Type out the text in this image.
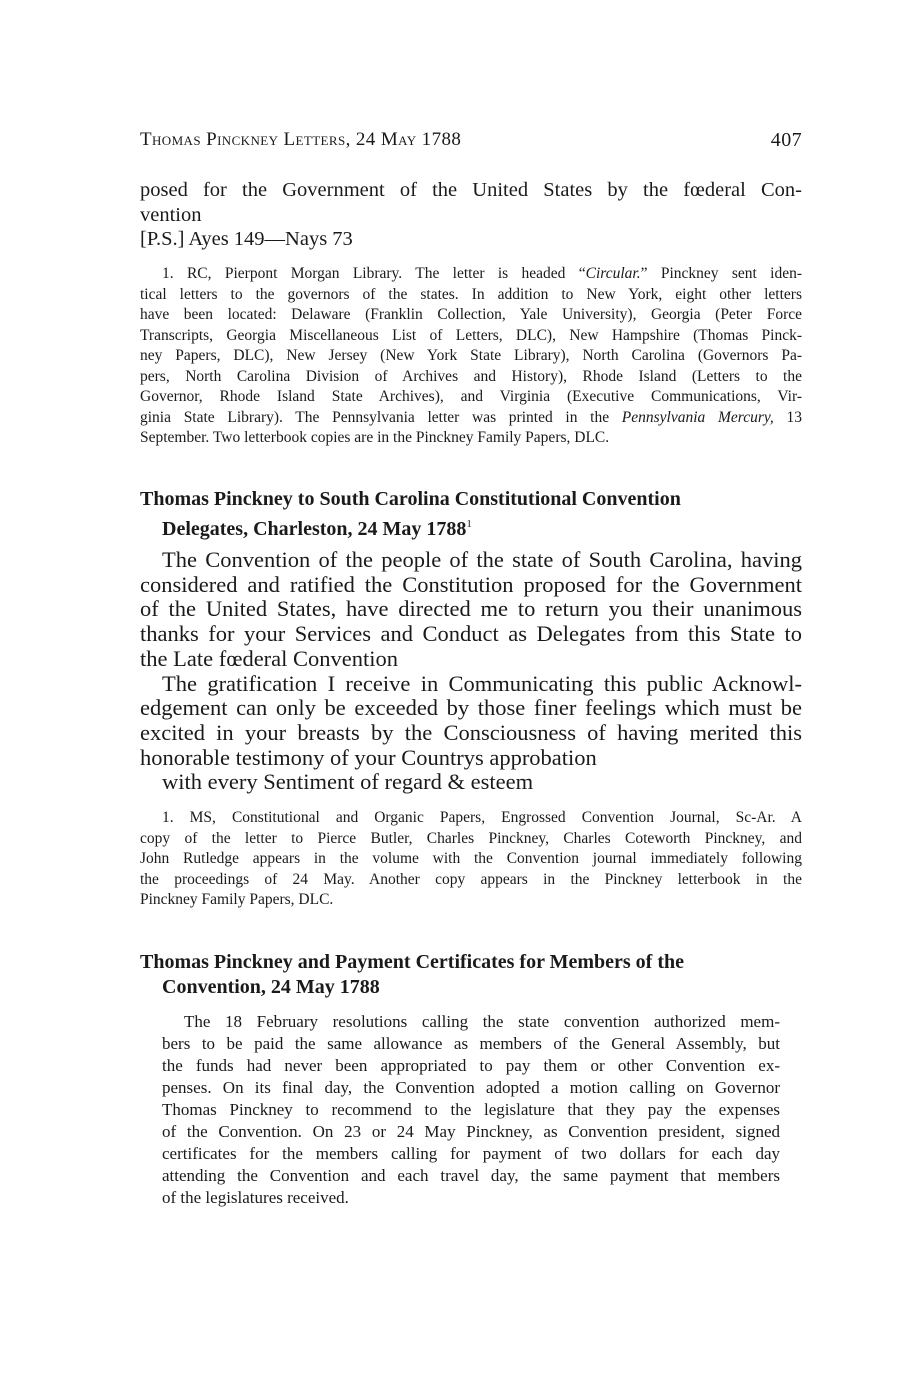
Thomas Pinckney Letters, 24 May 1788	407
posed for the Government of the United States by the fœderal Con-
vention
[P.S.] Ayes 149—Nays 73
1. RC, Pierpont Morgan Library. The letter is headed “Circular.” Pinckney sent iden-
tical letters to the governors of the states. In addition to New York, eight other letters
have been located: Delaware (Franklin Collection, Yale University), Georgia (Peter Force
Transcripts, Georgia Miscellaneous List of Letters, DLC), New Hampshire (Thomas Pinck-
ney Papers, DLC), New Jersey (New York State Library), North Carolina (Governors Pa-
pers, North Carolina Division of Archives and History), Rhode Island (Letters to the
Governor, Rhode Island State Archives), and Virginia (Executive Communications, Vir-
ginia State Library). The Pennsylvania letter was printed in the Pennsylvania Mercury, 13
September. Two letterbook copies are in the Pinckney Family Papers, DLC.
Thomas Pinckney to South Carolina Constitutional Convention
Delegates, Charleston, 24 May 1788$^1$
The Convention of the people of the state of South Carolina, having
considered and ratified the Constitution proposed for the Government
of the United States, have directed me to return you their unanimous
thanks for your Services and Conduct as Delegates from this State to
the Late fœderal Convention
The gratification I receive in Communicating this public Acknowl-
edgement can only be exceeded by those finer feelings which must be
excited in your breasts by the Consciousness of having merited this
honorable testimony of your Countrys approbation
with every Sentiment of regard & esteem
1. MS, Constitutional and Organic Papers, Engrossed Convention Journal, Sc-Ar. A
copy of the letter to Pierce Butler, Charles Pinckney, Charles Coteworth Pinckney, and
John Rutledge appears in the volume with the Convention journal immediately following
the proceedings of 24 May. Another copy appears in the Pinckney letterbook in the
Pinckney Family Papers, DLC.
Thomas Pinckney and Payment Certificates for Members of the
Convention, 24 May 1788
The 18 February resolutions calling the state convention authorized mem-
bers to be paid the same allowance as members of the General Assembly, but
the funds had never been appropriated to pay them or other Convention ex-
penses. On its final day, the Convention adopted a motion calling on Governor
Thomas Pinckney to recommend to the legislature that they pay the expenses
of the Convention. On 23 or 24 May Pinckney, as Convention president, signed
certificates for the members calling for payment of two dollars for each day
attending the Convention and each travel day, the same payment that members
of the legislatures received.
